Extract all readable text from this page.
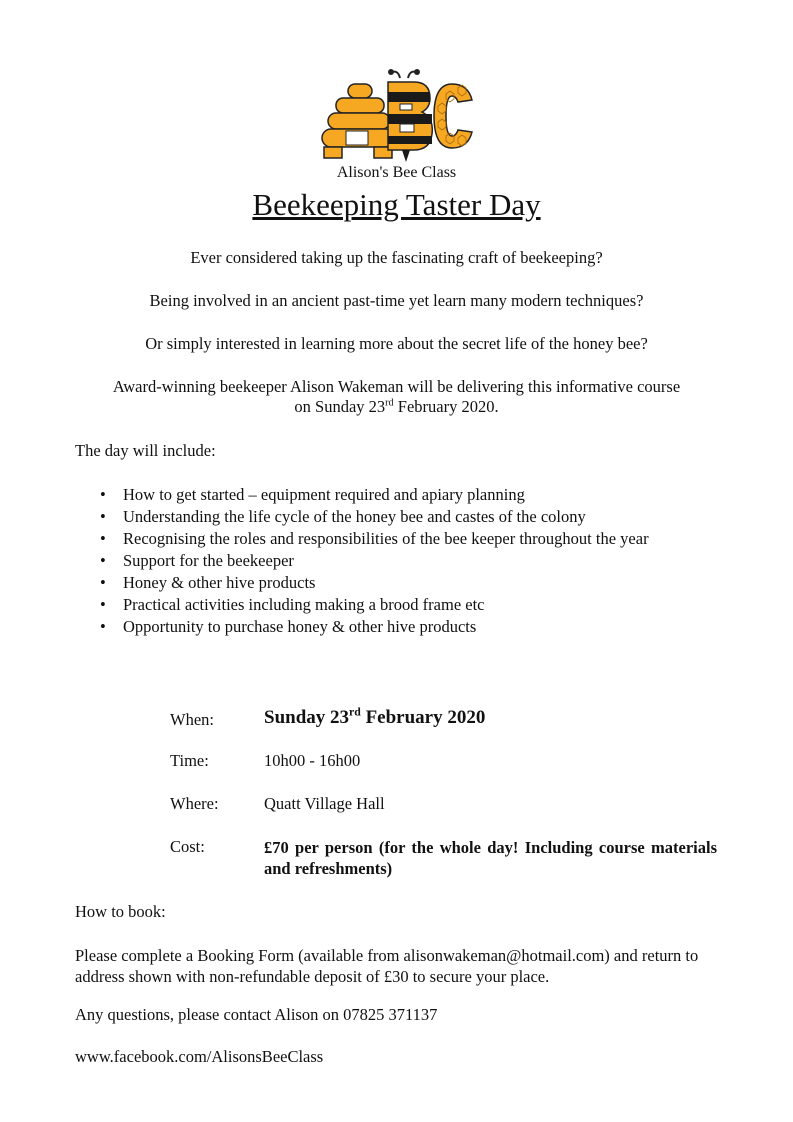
Alison's Bee Class
Beekeeping Taster Day
Ever considered taking up the fascinating craft of beekeeping?
Being involved in an ancient past-time yet learn many modern techniques?
Or simply interested in learning more about the secret life of the honey bee?
Award-winning beekeeper Alison Wakeman will be delivering this informative course
on Sunday 23rd February 2020.
The day will include:
• How to get started – equipment required and apiary planning
• Understanding the life cycle of the honey bee and castes of the colony
• Recognising the roles and responsibilities of the bee keeper throughout the year
• Support for the beekeeper
• Honey & other hive products
• Practical activities including making a brood frame etc
• Opportunity to purchase honey & other hive products
When:	Sunday 23rd February 2020
Time:	10h00 - 16h00
Where:	Quatt Village Hall
Cost:	£70 per person (for the whole day! Including course materials and refreshments)
How to book:
Please complete a Booking Form (available from alisonwakeman@hotmail.com) and return to address shown with non-refundable deposit of £30 to secure your place.
Any questions, please contact Alison on 07825 371137
www.facebook.com/AlisonsBeeClass
